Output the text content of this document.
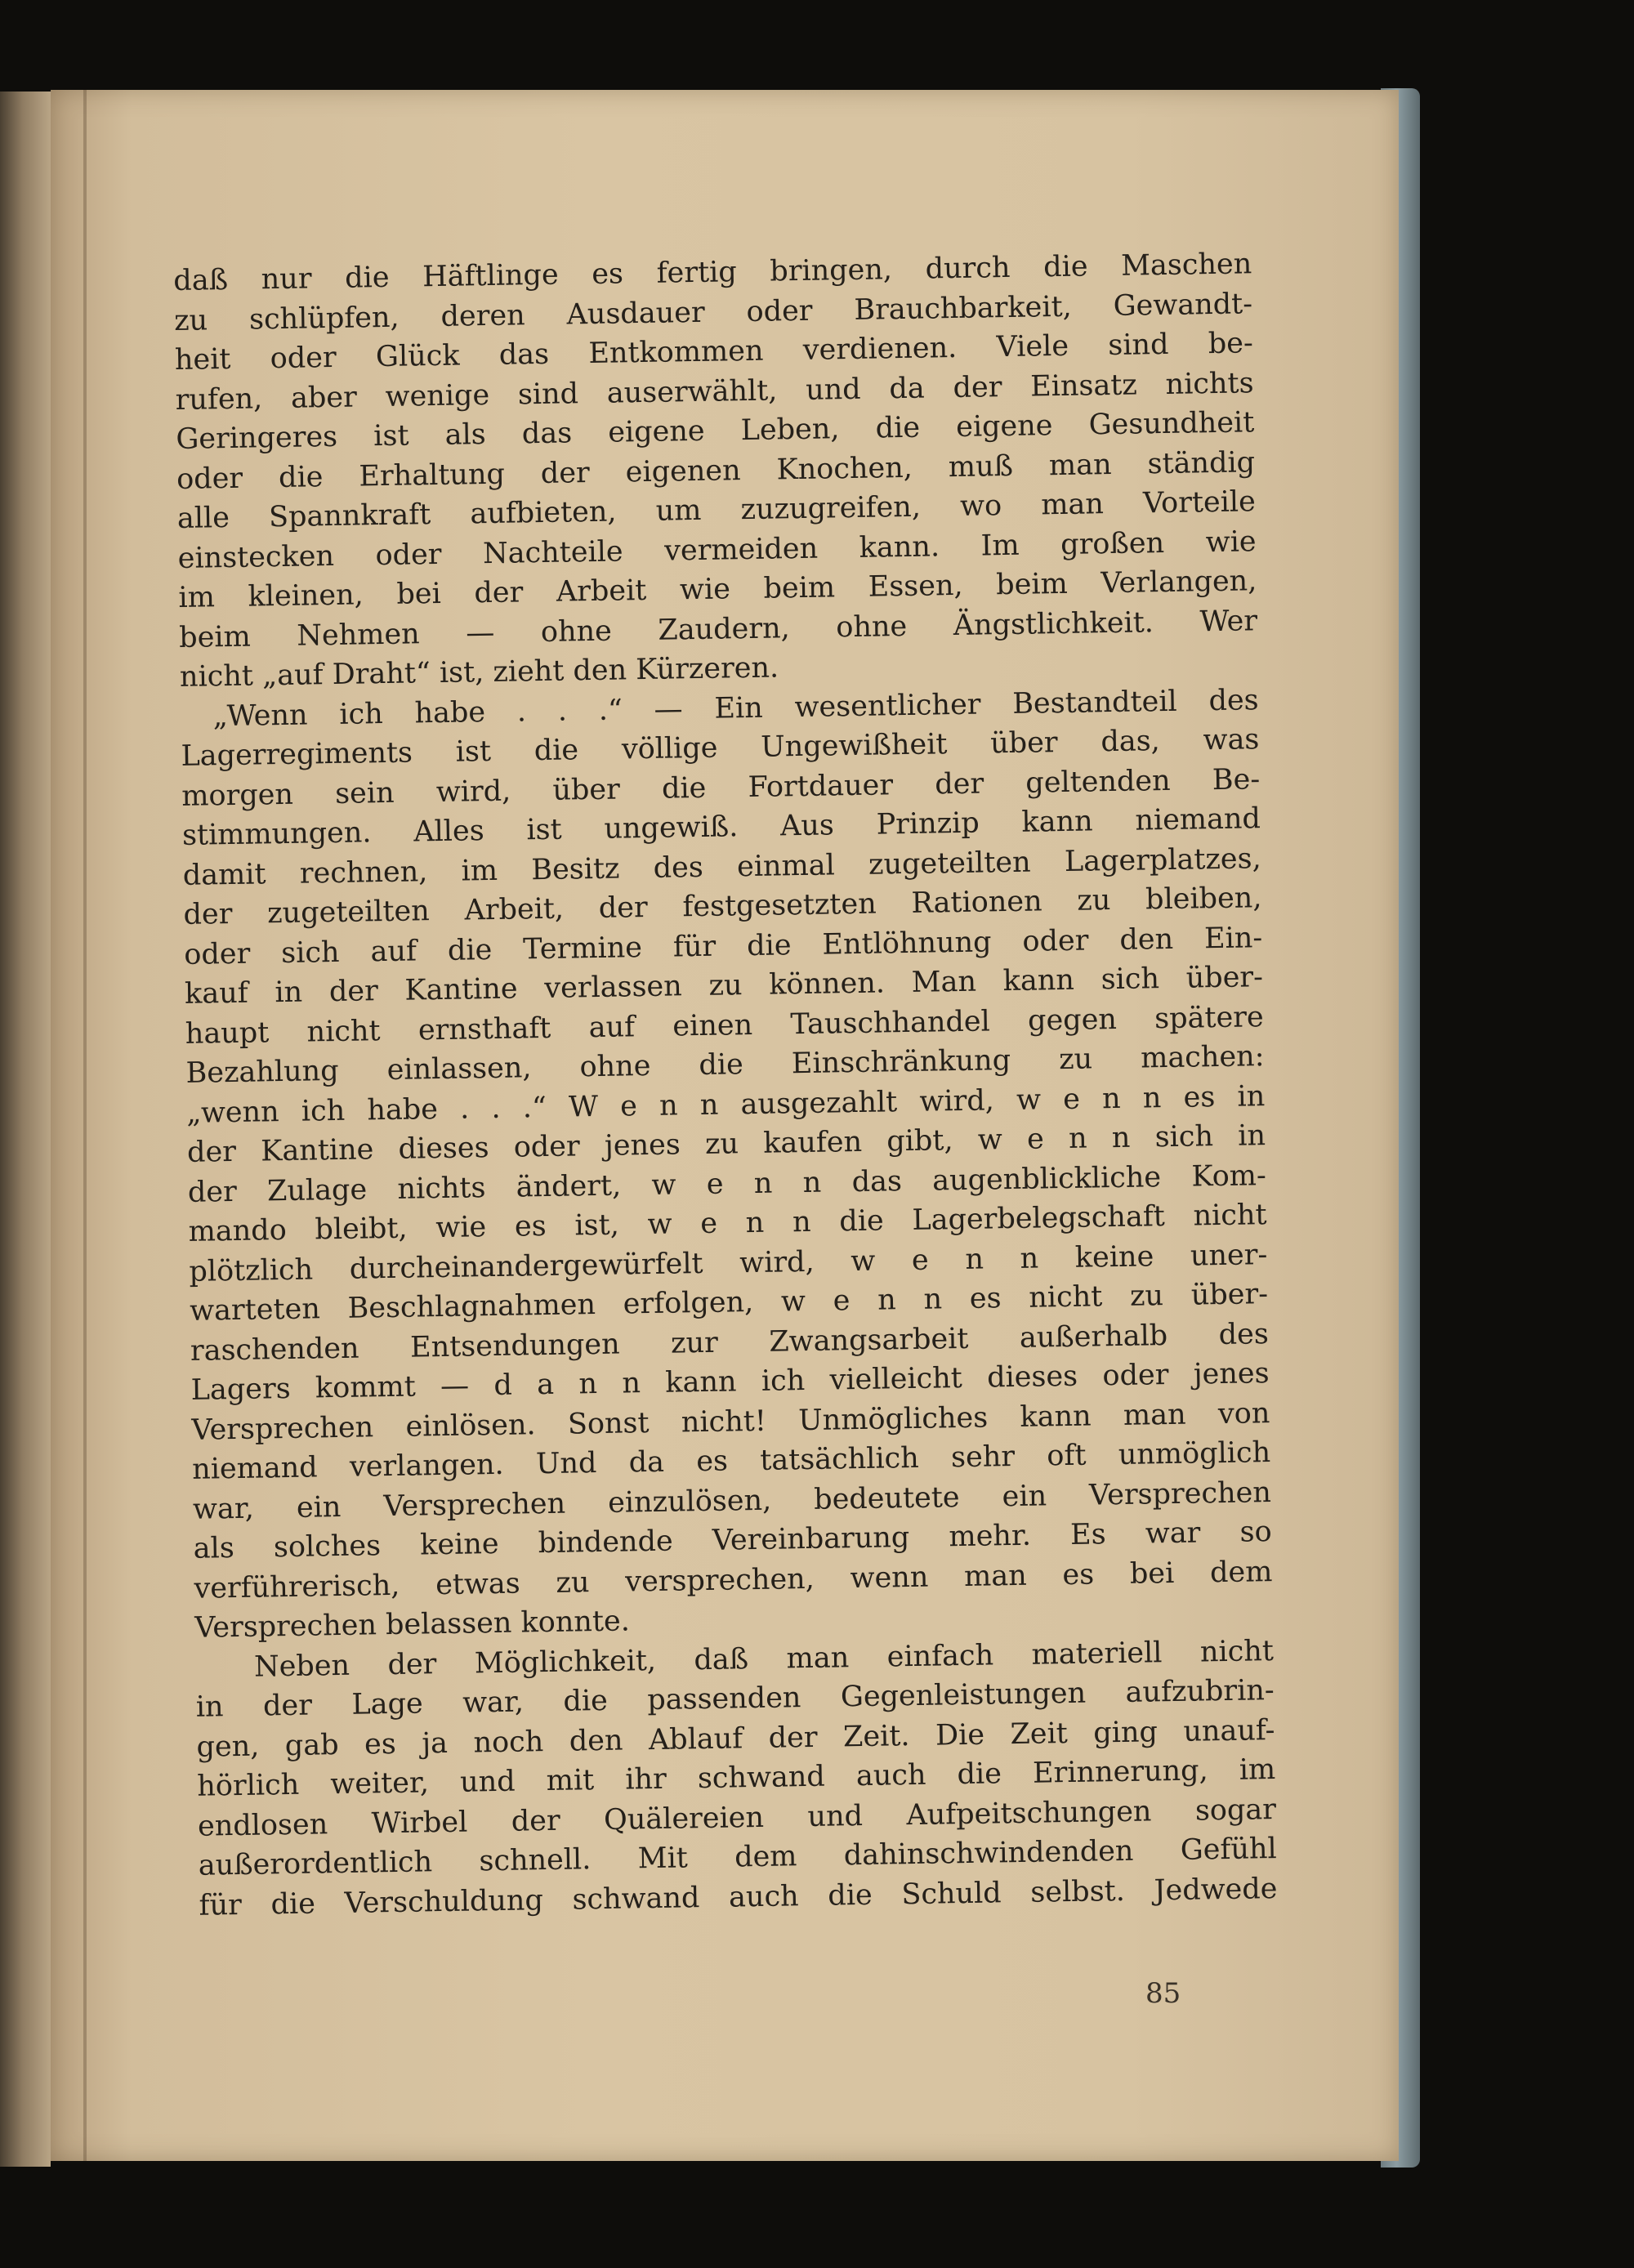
daß nur die Häftlinge es fertig bringen, durch die Maschen
zu schlüpfen, deren Ausdauer oder Brauchbarkeit, Gewandt-
heit oder Glück das Entkommen verdienen. Viele sind be-
rufen, aber wenige sind auserwählt, und da der Einsatz nichts
Geringeres ist als das eigene Leben, die eigene Gesundheit
oder die Erhaltung der eigenen Knochen, muß man ständig
alle Spannkraft aufbieten, um zuzugreifen, wo man Vorteile
einstecken oder Nachteile vermeiden kann. Im großen wie
im kleinen, bei der Arbeit wie beim Essen, beim Verlangen,
beim Nehmen — ohne Zaudern, ohne Ängstlichkeit. Wer
nicht „auf Draht“ ist, zieht den Kürzeren.
„Wenn ich habe . . .“ — Ein wesentlicher Bestandteil des
Lagerregiments ist die völlige Ungewißheit über das, was
morgen sein wird, über die Fortdauer der geltenden Be-
stimmungen. Alles ist ungewiß. Aus Prinzip kann niemand
damit rechnen, im Besitz des einmal zugeteilten Lagerplatzes,
der zugeteilten Arbeit, der festgesetzten Rationen zu bleiben,
oder sich auf die Termine für die Entlöhnung oder den Ein-
kauf in der Kantine verlassen zu können. Man kann sich über-
haupt nicht ernsthaft auf einen Tauschhandel gegen spätere
Bezahlung einlassen, ohne die Einschränkung zu machen:
„wenn ich habe . . .“ W e n n ausgezahlt wird, w e n n es in
der Kantine dieses oder jenes zu kaufen gibt, w e n n sich in
der Zulage nichts ändert, w e n n das augenblickliche Kom-
mando bleibt, wie es ist, w e n n die Lagerbelegschaft nicht
plötzlich durcheinandergewürfelt wird, w e n n keine uner-
warteten Beschlagnahmen erfolgen, w e n n es nicht zu über-
raschenden Entsendungen zur Zwangsarbeit außerhalb des
Lagers kommt — d a n n kann ich vielleicht dieses oder jenes
Versprechen einlösen. Sonst nicht! Unmögliches kann man von
niemand verlangen. Und da es tatsächlich sehr oft unmöglich
war, ein Versprechen einzulösen, bedeutete ein Versprechen
als solches keine bindende Vereinbarung mehr. Es war so
verführerisch, etwas zu versprechen, wenn man es bei dem
Versprechen belassen konnte.
Neben der Möglichkeit, daß man einfach materiell nicht
in der Lage war, die passenden Gegenleistungen aufzubrin-
gen, gab es ja noch den Ablauf der Zeit. Die Zeit ging unauf-
hörlich weiter, und mit ihr schwand auch die Erinnerung, im
endlosen Wirbel der Quälereien und Aufpeitschungen sogar
außerordentlich schnell. Mit dem dahinschwindenden Gefühl
für die Verschuldung schwand auch die Schuld selbst. Jedwede
85
